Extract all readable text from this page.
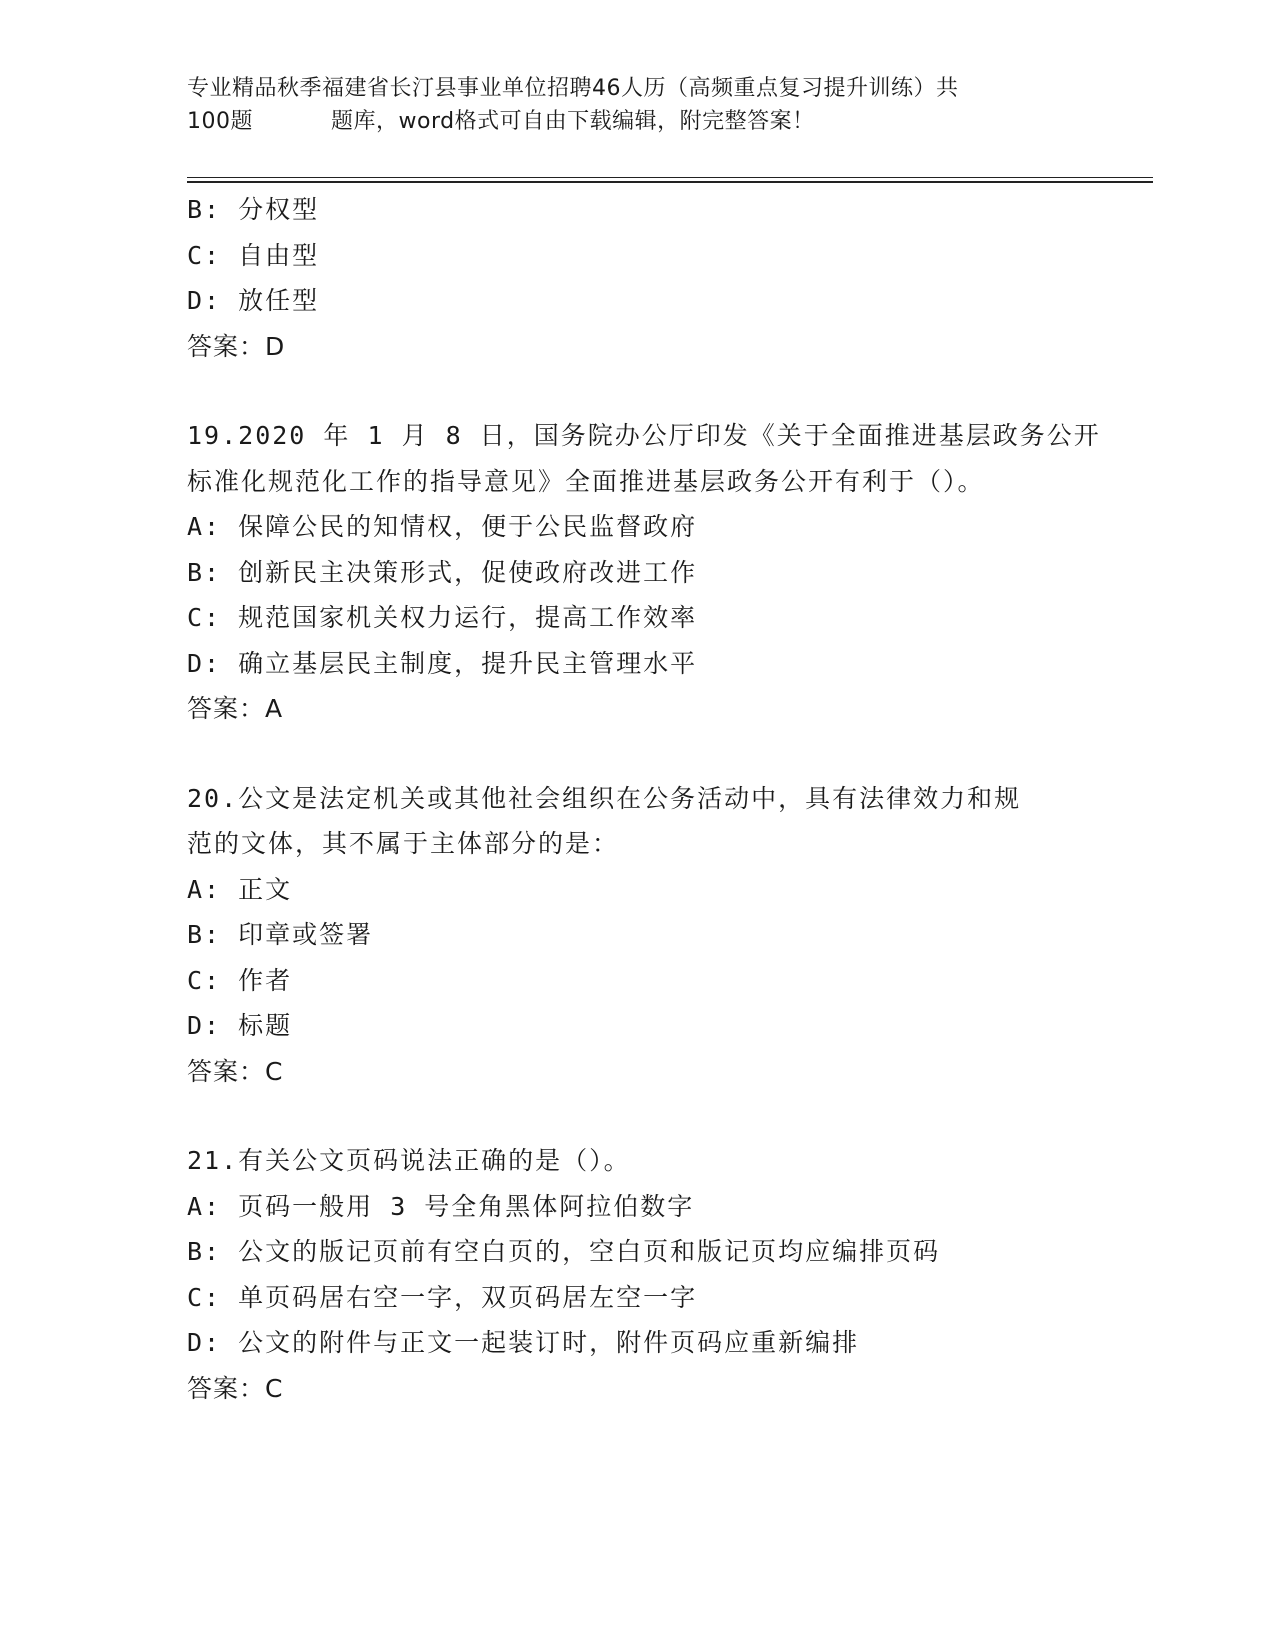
专业精品秋季福建省长汀县事业单位招聘46人历（高频重点复习提升训练）共
100题	题库，word格式可自由下载编辑，附完整答案！
B: 分权型
C: 自由型
D: 放任型
答案：D
19.2020 年 1 月 8 日，国务院办公厅印发《关于全面推进基层政务公开
标准化规范化工作的指导意见》全面推进基层政务公开有利于（）。
A: 保障公民的知情权，便于公民监督政府
B: 创新民主决策形式，促使政府改进工作
C: 规范国家机关权力运行，提高工作效率
D: 确立基层民主制度，提升民主管理水平
答案：A
20.公文是法定机关或其他社会组织在公务活动中，具有法律效力和规
范的文体，其不属于主体部分的是：
A: 正文
B: 印章或签署
C: 作者
D: 标题
答案：C
21.有关公文页码说法正确的是（）。
A: 页码一般用 3 号全角黑体阿拉伯数字
B: 公文的版记页前有空白页的，空白页和版记页均应编排页码
C: 单页码居右空一字，双页码居左空一字
D: 公文的附件与正文一起装订时，附件页码应重新编排
答案：C
